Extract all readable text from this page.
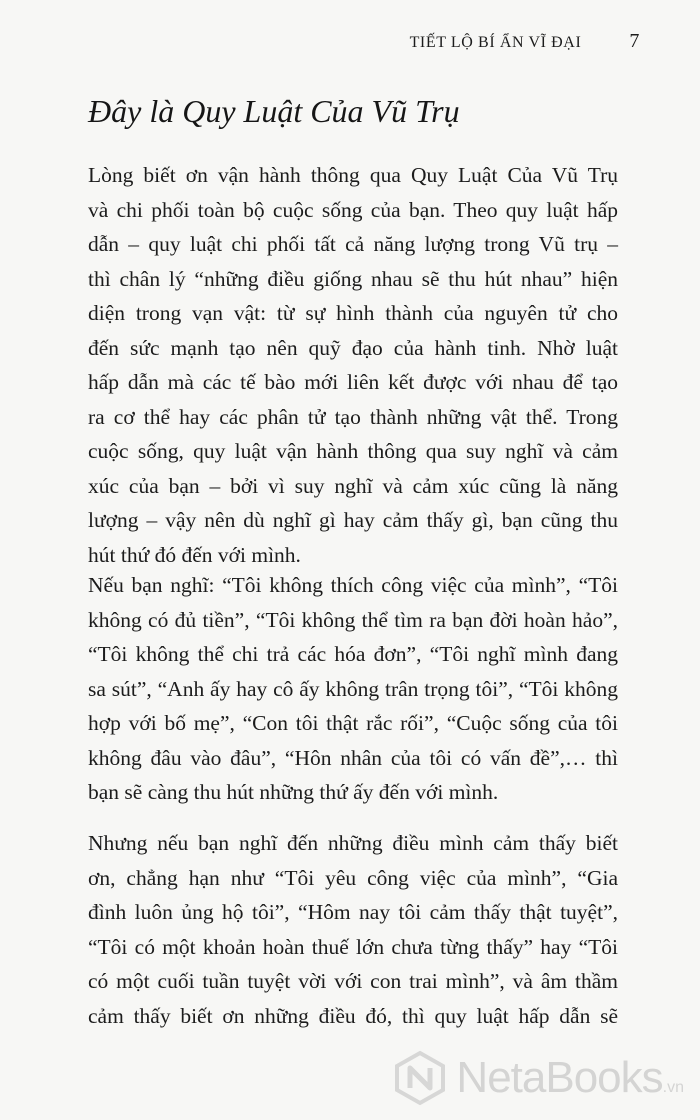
TIẾT LỘ BÍ ẨN VĨ ĐẠI 7
Đây là Quy Luật Của Vũ Trụ
Lòng biết ơn vận hành thông qua Quy Luật Của Vũ Trụ
và chi phối toàn bộ cuộc sống của bạn. Theo quy luật hấp
dẫn – quy luật chi phối tất cả năng lượng trong Vũ trụ –
thì chân lý “những điều giống nhau sẽ thu hút nhau” hiện
diện trong vạn vật: từ sự hình thành của nguyên tử cho
đến sức mạnh tạo nên quỹ đạo của hành tinh. Nhờ luật
hấp dẫn mà các tế bào mới liên kết được với nhau để tạo
ra cơ thể hay các phân tử tạo thành những vật thể. Trong
cuộc sống, quy luật vận hành thông qua suy nghĩ và cảm
xúc của bạn – bởi vì suy nghĩ và cảm xúc cũng là năng
lượng – vậy nên dù nghĩ gì hay cảm thấy gì, bạn cũng thu
hút thứ đó đến với mình.
Nếu bạn nghĩ: “Tôi không thích công việc của mình”, “Tôi
không có đủ tiền”, “Tôi không thể tìm ra bạn đời hoàn hảo”,
“Tôi không thể chi trả các hóa đơn”, “Tôi nghĩ mình đang
sa sút”, “Anh ấy hay cô ấy không trân trọng tôi”, “Tôi không
hợp với bố mẹ”, “Con tôi thật rắc rối”, “Cuộc sống của tôi
không đâu vào đâu”, “Hôn nhân của tôi có vấn đề”,… thì
bạn sẽ càng thu hút những thứ ấy đến với mình.
Nhưng nếu bạn nghĩ đến những điều mình cảm thấy biết
ơn, chẳng hạn như “Tôi yêu công việc của mình”, “Gia
đình luôn ủng hộ tôi”, “Hôm nay tôi cảm thấy thật tuyệt”,
“Tôi có một khoản hoàn thuế lớn chưa từng thấy” hay “Tôi
có một cuối tuần tuyệt vời với con trai mình”, và âm thầm
cảm thấy biết ơn những điều đó, thì quy luật hấp dẫn sẽ
NetaBooks.vn
